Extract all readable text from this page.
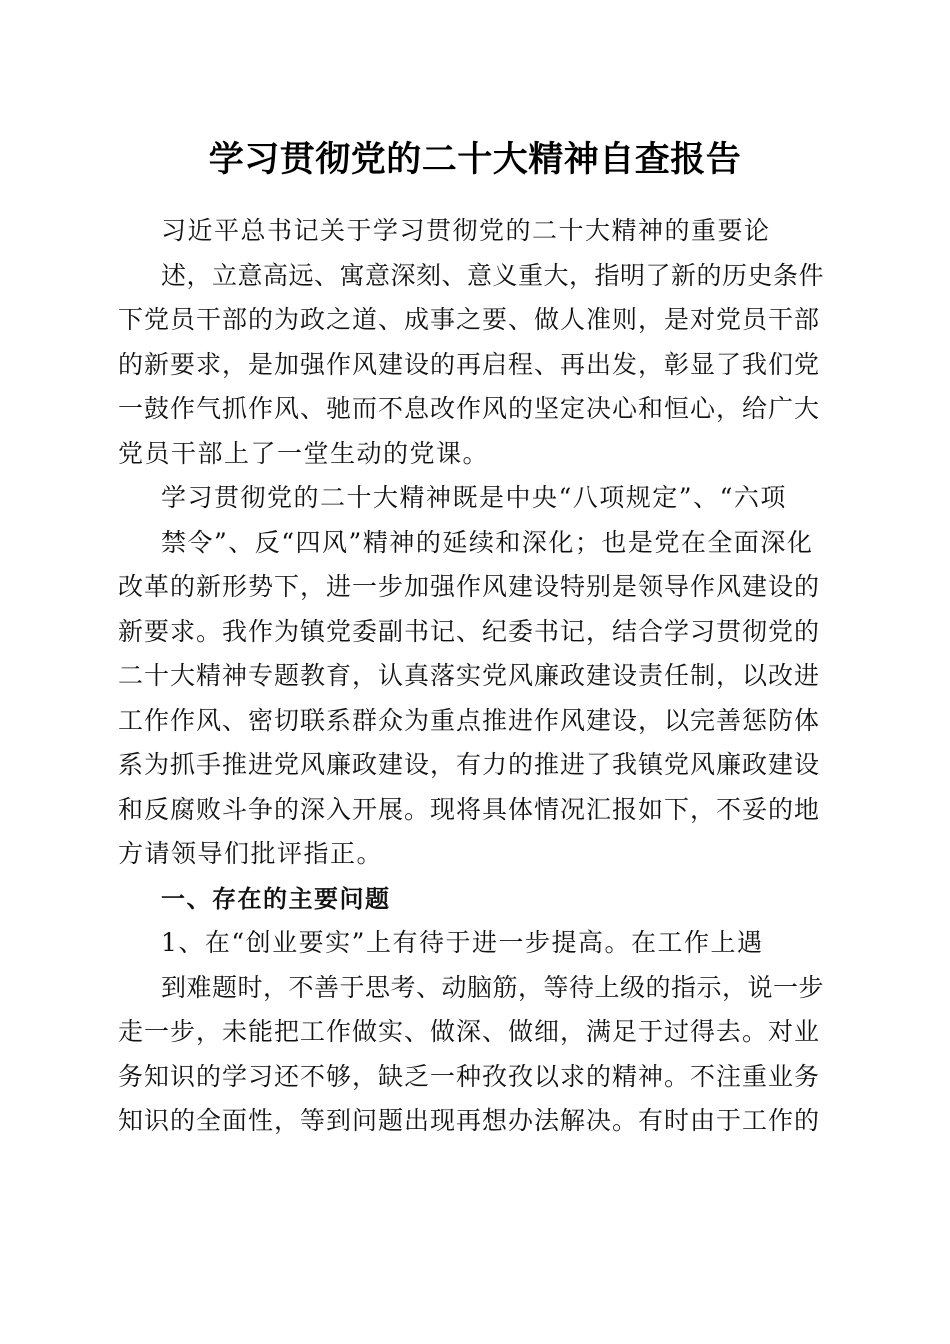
学习贯彻党的二十大精神自查报告
习近平总书记关于学习贯彻党的二十大精神的重要论
述，立意高远、寓意深刻、意义重大，指明了新的历史条件
下党员干部的为政之道、成事之要、做人准则，是对党员干部
的新要求，是加强作风建设的再启程、再出发，彰显了我们党
一鼓作气抓作风、驰而不息改作风的坚定决心和恒心，给广大
党员干部上了一堂生动的党课。
学习贯彻党的二十大精神既是中央“八项规定”、“六项
禁令”、反“四风”精神的延续和深化；也是党在全面深化
改革的新形势下，进一步加强作风建设特别是领导作风建设的
新要求。我作为镇党委副书记、纪委书记，结合学习贯彻党的
二十大精神专题教育，认真落实党风廉政建设责任制，以改进
工作作风、密切联系群众为重点推进作风建设，以完善惩防体
系为抓手推进党风廉政建设，有力的推进了我镇党风廉政建设
和反腐败斗争的深入开展。现将具体情况汇报如下，不妥的地
方请领导们批评指正。
一、存在的主要问题
1、在“创业要实”上有待于进一步提高。在工作上遇
到难题时，不善于思考、动脑筋，等待上级的指示，说一步
走一步，未能把工作做实、做深、做细，满足于过得去。对业
务知识的学习还不够，缺乏一种孜孜以求的精神。不注重业务
知识的全面性，等到问题出现再想办法解决。有时由于工作的
